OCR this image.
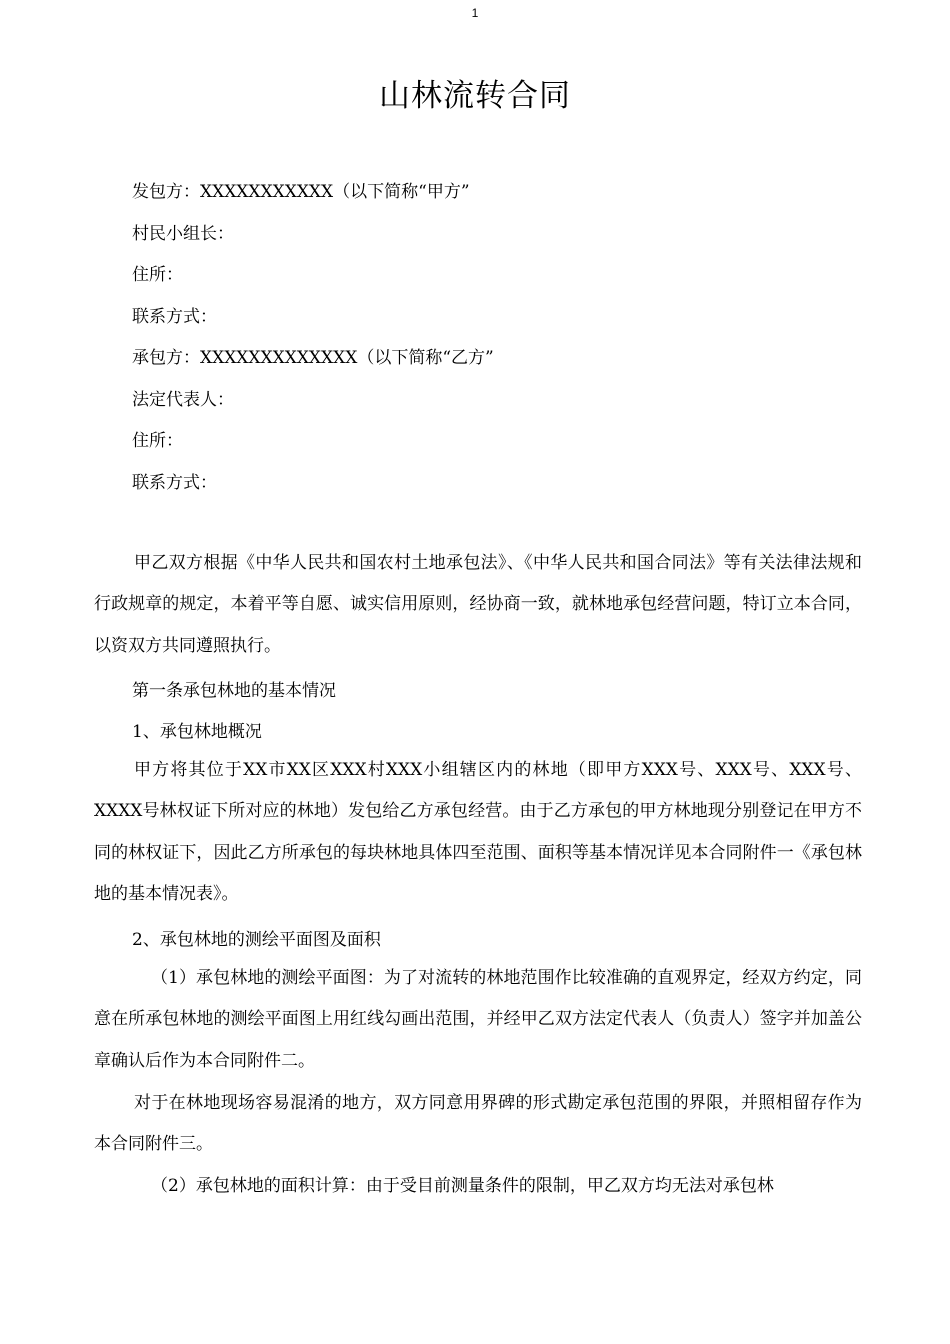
1
山林流转合同
发包方：XXXXXXXXXXX（以下简称“甲方”
村民小组长：
住所：
联系方式：
承包方：XXXXXXXXXXXXX（以下简称“乙方”
法定代表人：
住所：
联系方式：

甲乙双方根据《中华人民共和国农村土地承包法》、《中华人民共和国合同法》等有关法律法规和行政规章的规定，本着平等自愿、诚实信用原则，经协商一致，就林地承包经营问题，特订立本合同，以资双方共同遵照执行。

第一条承包林地的基本情况
1、承包林地概况

甲方将其位于XX市XX区XXX村XXX小组辖区内的林地（即甲方XXX号、XXX号、XXX号、XXXX号林权证下所对应的林地）发包给乙方承包经营。由于乙方承包的甲方林地现分别登记在甲方不同的林权证下，因此乙方所承包的每块林地具体四至范围、面积等基本情况详见本合同附件一《承包林地的基本情况表》。

2、承包林地的测绘平面图及面积

（1）承包林地的测绘平面图：为了对流转的林地范围作比较准确的直观界定，经双方约定，同意在所承包林地的测绘平面图上用红线勾画出范围，并经甲乙双方法定代表人（负责人）签字并加盖公章确认后作为本合同附件二。

对于在林地现场容易混淆的地方，双方同意用界碑的形式勘定承包范围的界限，并照相留存作为本合同附件三。

（2）承包林地的面积计算：由于受目前测量条件的限制，甲乙双方均无法对承包林
